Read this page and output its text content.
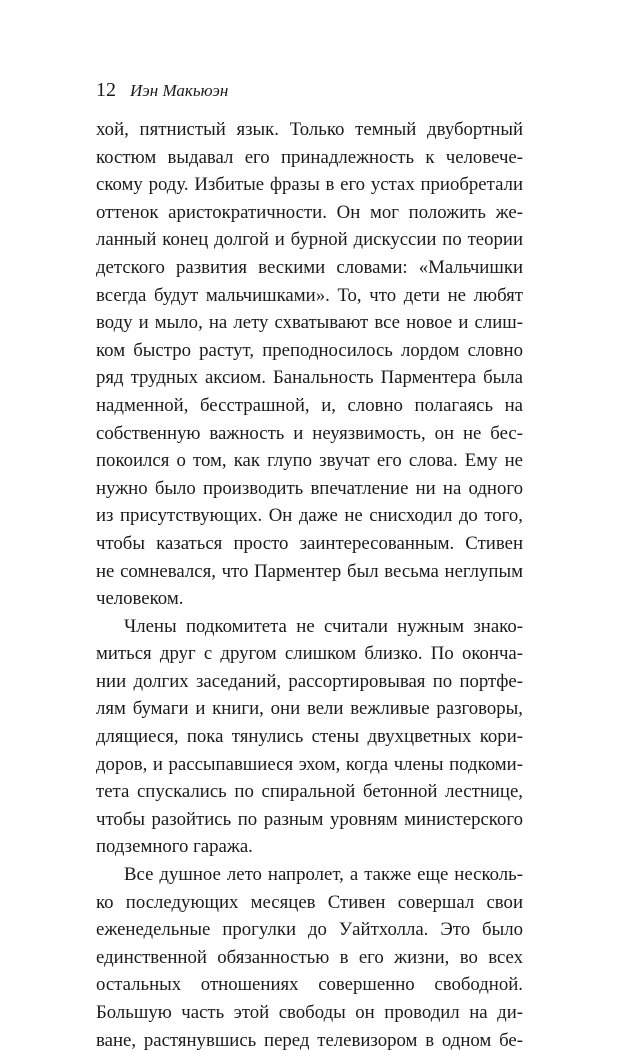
12 Иэн Макьюэн
хой, пятнистый язык. Только темный двубортный
костюм выдавал его принадлежность к человече-
скому роду. Избитые фразы в его устах приобретали
оттенок аристократичности. Он мог положить же-
ланный конец долгой и бурной дискуссии по теории
детского развития вескими словами: «Мальчишки
всегда будут мальчишками». То, что дети не любят
воду и мыло, на лету схватывают все новое и слиш-
ком быстро растут, преподносилось лордом словно
ряд трудных аксиом. Банальность Парментера была
надменной, бесстрашной, и, словно полагаясь на
собственную важность и неуязвимость, он не бес-
покоился о том, как глупо звучат его слова. Ему не
нужно было производить впечатление ни на одного
из присутствующих. Он даже не снисходил до того,
чтобы казаться просто заинтересованным. Стивен
не сомневался, что Парментер был весьма неглупым
человеком.
Члены подкомитета не считали нужным знако-
миться друг с другом слишком близко. По оконча-
нии долгих заседаний, рассортировывая по портфе-
лям бумаги и книги, они вели вежливые разговоры,
длящиеся, пока тянулись стены двухцветных кори-
доров, и рассыпавшиеся эхом, когда члены подкоми-
тета спускались по спиральной бетонной лестнице,
чтобы разойтись по разным уровням министерского
подземного гаража.
Все душное лето напролет, а также еще несколь-
ко последующих месяцев Стивен совершал свои
еженедельные прогулки до Уайтхолла. Это было
единственной обязанностью в его жизни, во всех
остальных отношениях совершенно свободной.
Большую часть этой свободы он проводил на ди-
ване, растянувшись перед телевизором в одном бе-
